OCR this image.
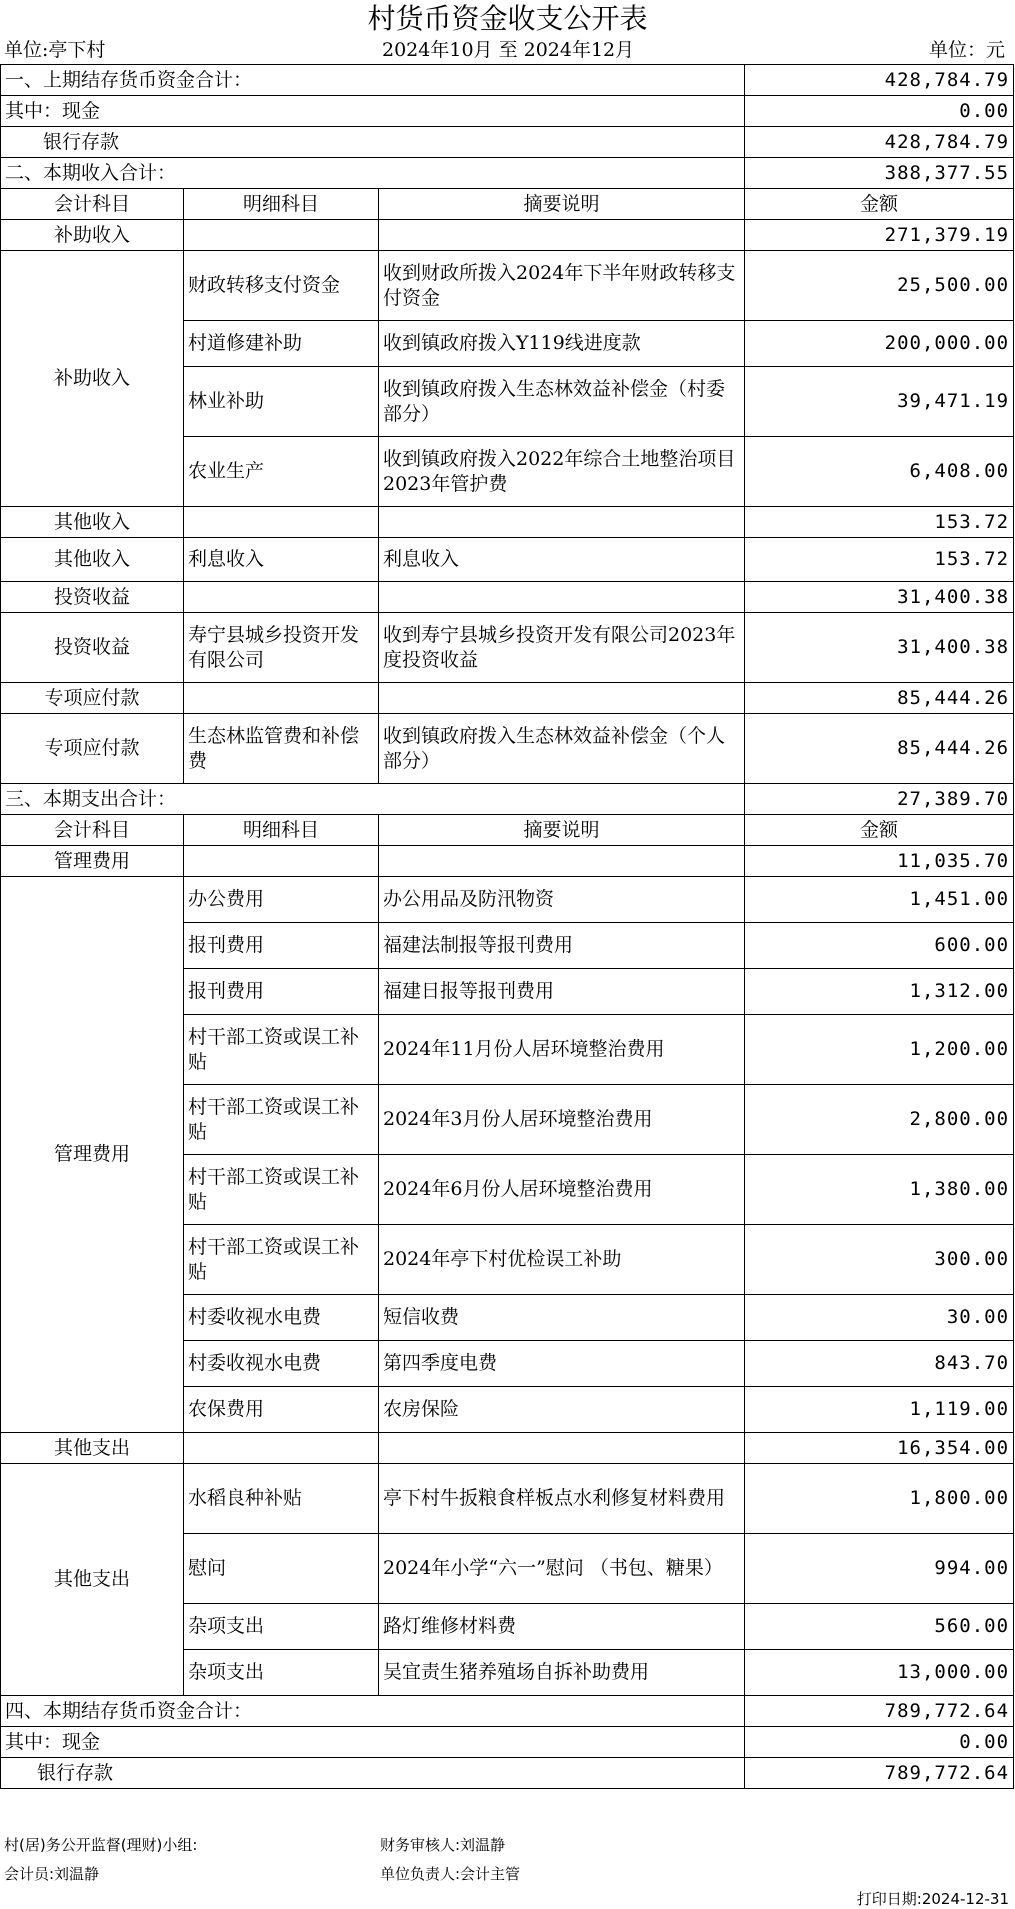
村货币资金收支公开表
单位:亭下村	2024年10月 至 2024年12月	单位：元
一、上期结存货币资金合计：			428,784.79
其中：现金			0.00
银行存款			428,784.79
二、本期收入合计：			388,377.55
会计科目	明细科目	摘要说明	金额
补助收入			271,379.19
补助收入	财政转移支付资金	收到财政所拨入2024年下半年财政转移支付资金	25,500.00
	村道修建补助	收到镇政府拨入Y119线进度款	200,000.00
	林业补助	收到镇政府拨入生态林效益补偿金（村委部分）	39,471.19
	农业生产	收到镇政府拨入2022年综合土地整治项目2023年管护费	6,408.00
其他收入			153.72
其他收入	利息收入	利息收入	153.72
投资收益			31,400.38
投资收益	寿宁县城乡投资开发有限公司	收到寿宁县城乡投资开发有限公司2023年度投资收益	31,400.38
专项应付款			85,444.26
专项应付款	生态林监管费和补偿费	收到镇政府拨入生态林效益补偿金（个人部分）	85,444.26
三、本期支出合计：			27,389.70
会计科目	明细科目	摘要说明	金额
管理费用			11,035.70
管理费用	办公费用	办公用品及防汛物资	1,451.00
	报刊费用	福建法制报等报刊费用	600.00
	报刊费用	福建日报等报刊费用	1,312.00
	村干部工资或误工补贴	2024年11月份人居环境整治费用	1,200.00
	村干部工资或误工补贴	2024年3月份人居环境整治费用	2,800.00
	村干部工资或误工补贴	2024年6月份人居环境整治费用	1,380.00
	村干部工资或误工补贴	2024年亭下村优检误工补助	300.00
	村委收视水电费	短信收费	30.00
	村委收视水电费	第四季度电费	843.70
	农保费用	农房保险	1,119.00
其他支出			16,354.00
其他支出	水稻良种补贴	亭下村牛扳粮食样板点水利修复材料费用	1,800.00
	慰问	2024年小学“六一”慰问 （书包、糖果）	994.00
	杂项支出	路灯维修材料费	560.00
	杂项支出	吴宜责生猪养殖场自拆补助费用	13,000.00
四、本期结存货币资金合计：			789,772.64
其中：现金			0.00
银行存款			789,772.64
村(居)务公开监督(理财)小组:	财务审核人:刘温静
会计员:刘温静	单位负责人:会计主管
打印日期:2024-12-31
